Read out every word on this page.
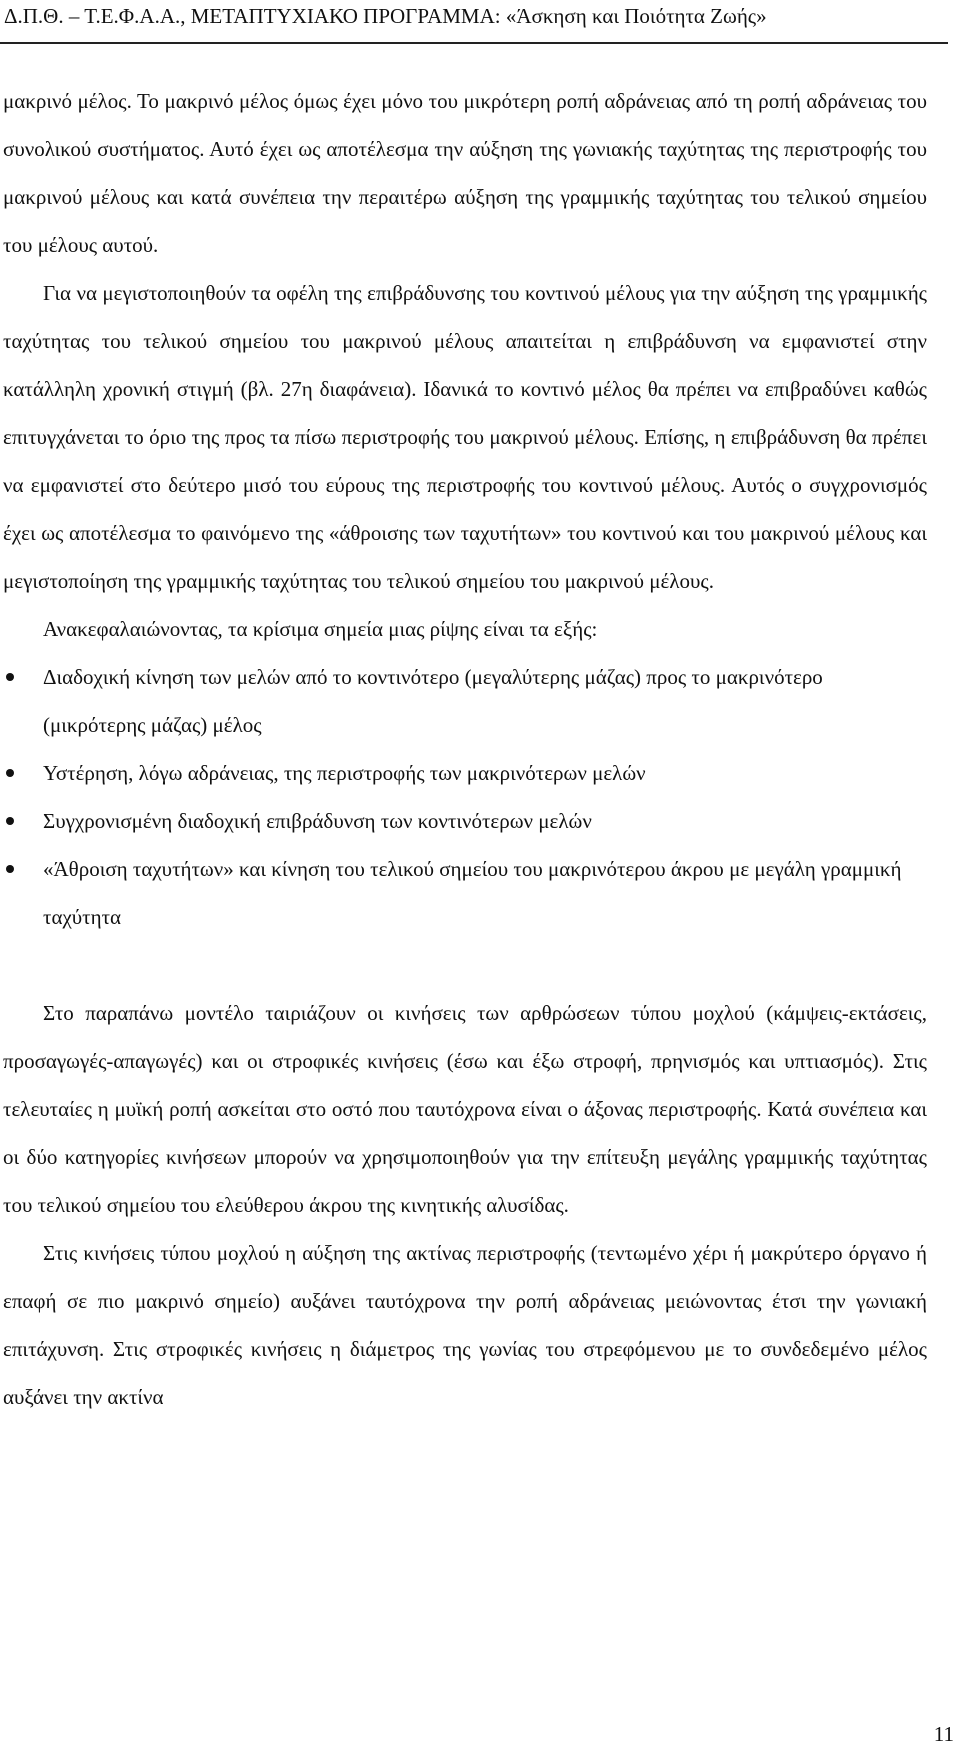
Δ.Π.Θ. – Τ.Ε.Φ.Α.Α., ΜΕΤΑΠΤΥΧΙΑΚΟ ΠΡΟΓΡΑΜΜΑ: «Άσκηση και Ποιότητα Ζωής»

μακρινό μέλος. Το μακρινό μέλος όμως έχει μόνο του μικρότερη ροπή αδράνειας από τη ροπή αδράνειας του συνολικού συστήματος. Αυτό έχει ως αποτέλεσμα την αύξηση της γωνιακής ταχύτητας της περιστροφής του μακρινού μέλους και κατά συνέπεια την περαιτέρω αύξηση της γραμμικής ταχύτητας του τελικού σημείου του μέλους αυτού.

Για να μεγιστοποιηθούν τα οφέλη της επιβράδυνσης του κοντινού μέλους για την αύξηση της γραμμικής ταχύτητας του τελικού σημείου του μακρινού μέλους απαιτείται η επιβράδυνση να εμφανιστεί στην κατάλληλη χρονική στιγμή (βλ. 27η διαφάνεια). Ιδανικά το κοντινό μέλος θα πρέπει να επιβραδύνει καθώς επιτυγχάνεται το όριο της προς τα πίσω περιστροφής του μακρινού μέλους. Επίσης, η επιβράδυνση θα πρέπει να εμφανιστεί στο δεύτερο μισό του εύρους της περιστροφής του κοντινού μέλους. Αυτός ο συγχρονισμός έχει ως αποτέλεσμα το φαινόμενο της «άθροισης των ταχυτήτων» του κοντινού και του μακρινού μέλους και μεγιστοποίηση της γραμμικής ταχύτητας του τελικού σημείου του μακρινού μέλους.

Ανακεφαλαιώνοντας, τα κρίσιμα σημεία μιας ρίψης είναι τα εξής:

Διαδοχική κίνηση των μελών από το κοντινότερο (μεγαλύτερης μάζας) προς το μακρινότερο (μικρότερης μάζας) μέλος
Υστέρηση, λόγω αδράνειας, της περιστροφής των μακρινότερων μελών
Συγχρονισμένη διαδοχική επιβράδυνση των κοντινότερων μελών
«Άθροιση ταχυτήτων» και κίνηση του τελικού σημείου του μακρινότερου άκρου με μεγάλη γραμμική ταχύτητα

Στο παραπάνω μοντέλο ταιριάζουν οι κινήσεις των αρθρώσεων τύπου μοχλού (κάμψεις-εκτάσεις, προσαγωγές-απαγωγές) και οι στροφικές κινήσεις (έσω και έξω στροφή, πρηνισμός και υπτιασμός). Στις τελευταίες η μυϊκή ροπή ασκείται στο οστό που ταυτόχρονα είναι ο άξονας περιστροφής. Κατά συνέπεια και οι δύο κατηγορίες κινήσεων μπορούν να χρησιμοποιηθούν για την επίτευξη μεγάλης γραμμικής ταχύτητας του τελικού σημείου του ελεύθερου άκρου της κινητικής αλυσίδας.

Στις κινήσεις τύπου μοχλού η αύξηση της ακτίνας περιστροφής (τεντωμένο χέρι ή μακρύτερο όργανο ή επαφή σε πιο μακρινό σημείο) αυξάνει ταυτόχρονα την ροπή αδράνειας μειώνοντας έτσι την γωνιακή επιτάχυνση. Στις στροφικές κινήσεις η διάμετρος της γωνίας του στρεφόμενου με το συνδεδεμένο μέλος αυξάνει την ακτίνα

11
